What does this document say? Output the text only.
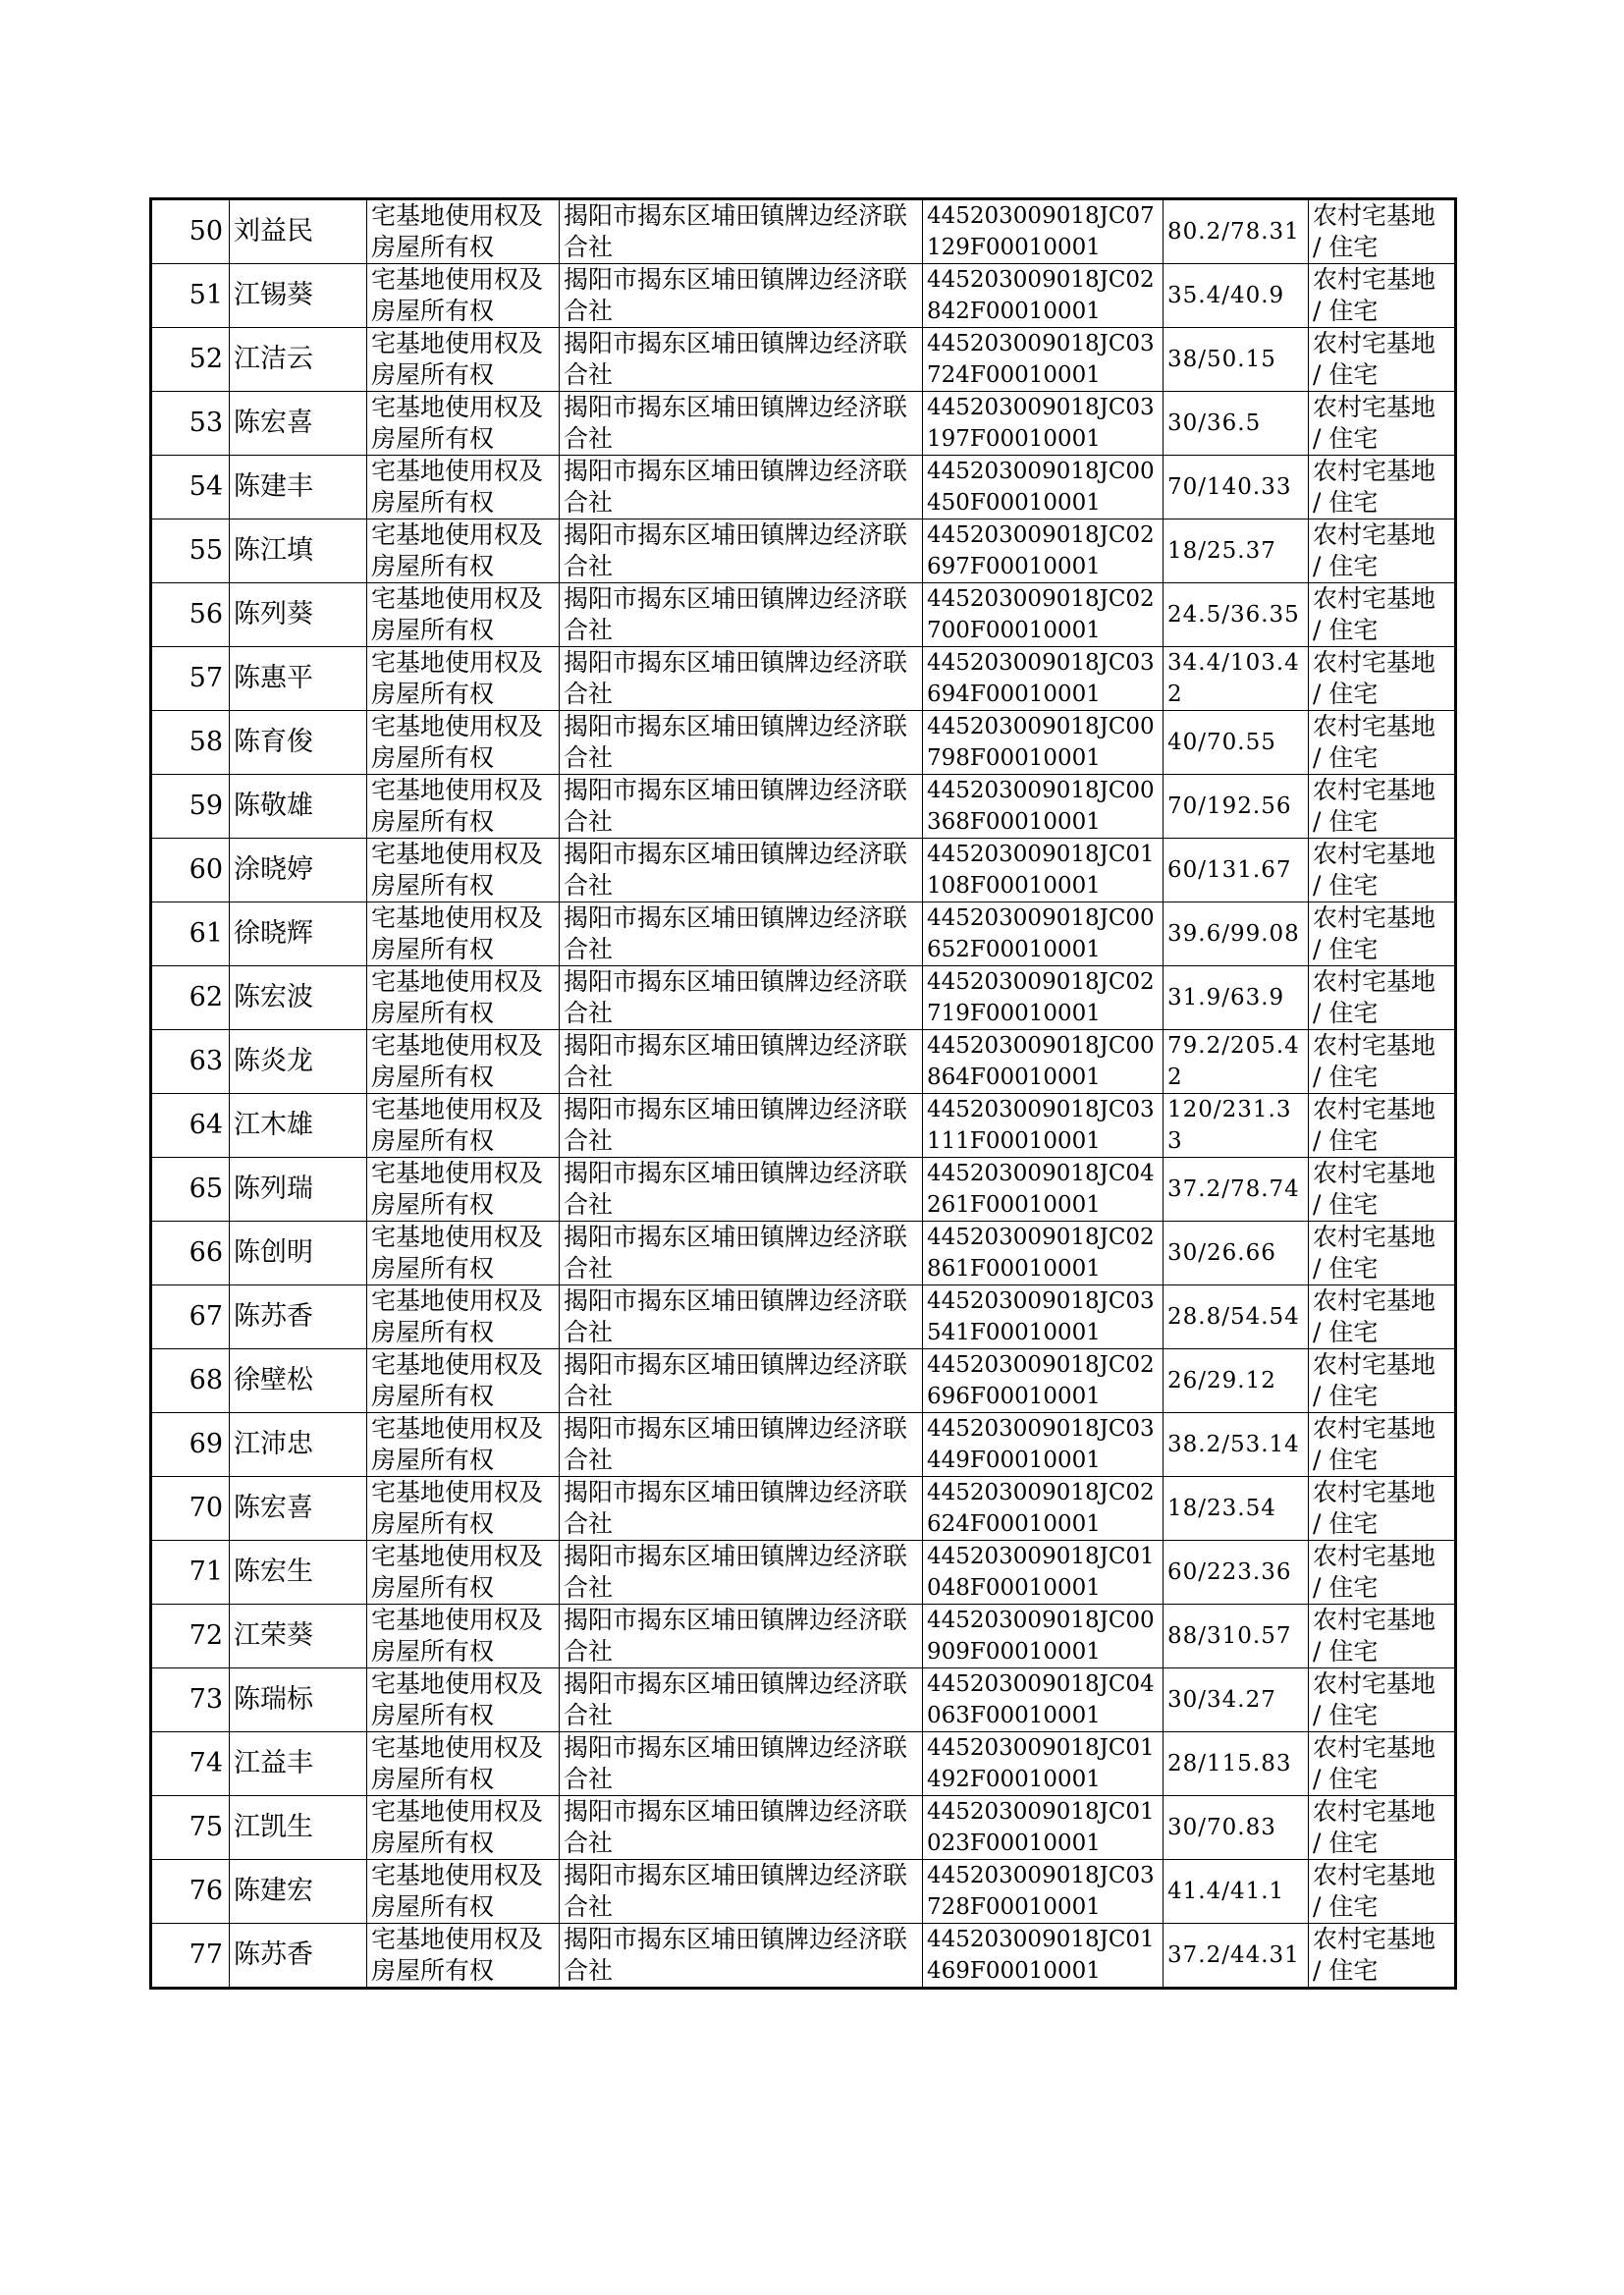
50	刘益民	宅基地使用权及房屋所有权	揭阳市揭东区埔田镇牌边经济联合社	445203009018JC07129F00010001	80.2/78.31	农村宅基地 / 住宅
51	江锡葵	宅基地使用权及房屋所有权	揭阳市揭东区埔田镇牌边经济联合社	445203009018JC02842F00010001	35.4/40.9	农村宅基地 / 住宅
52	江洁云	宅基地使用权及房屋所有权	揭阳市揭东区埔田镇牌边经济联合社	445203009018JC03724F00010001	38/50.15	农村宅基地 / 住宅
53	陈宏喜	宅基地使用权及房屋所有权	揭阳市揭东区埔田镇牌边经济联合社	445203009018JC03197F00010001	30/36.5	农村宅基地 / 住宅
54	陈建丰	宅基地使用权及房屋所有权	揭阳市揭东区埔田镇牌边经济联合社	445203009018JC00450F00010001	70/140.33	农村宅基地 / 住宅
55	陈江填	宅基地使用权及房屋所有权	揭阳市揭东区埔田镇牌边经济联合社	445203009018JC02697F00010001	18/25.37	农村宅基地 / 住宅
56	陈列葵	宅基地使用权及房屋所有权	揭阳市揭东区埔田镇牌边经济联合社	445203009018JC02700F00010001	24.5/36.35	农村宅基地 / 住宅
57	陈惠平	宅基地使用权及房屋所有权	揭阳市揭东区埔田镇牌边经济联合社	445203009018JC03694F00010001	34.4/103.42	农村宅基地 / 住宅
58	陈育俊	宅基地使用权及房屋所有权	揭阳市揭东区埔田镇牌边经济联合社	445203009018JC00798F00010001	40/70.55	农村宅基地 / 住宅
59	陈敬雄	宅基地使用权及房屋所有权	揭阳市揭东区埔田镇牌边经济联合社	445203009018JC00368F00010001	70/192.56	农村宅基地 / 住宅
60	涂晓婷	宅基地使用权及房屋所有权	揭阳市揭东区埔田镇牌边经济联合社	445203009018JC01108F00010001	60/131.67	农村宅基地 / 住宅
61	徐晓辉	宅基地使用权及房屋所有权	揭阳市揭东区埔田镇牌边经济联合社	445203009018JC00652F00010001	39.6/99.08	农村宅基地 / 住宅
62	陈宏波	宅基地使用权及房屋所有权	揭阳市揭东区埔田镇牌边经济联合社	445203009018JC02719F00010001	31.9/63.9	农村宅基地 / 住宅
63	陈炎龙	宅基地使用权及房屋所有权	揭阳市揭东区埔田镇牌边经济联合社	445203009018JC00864F00010001	79.2/205.42	农村宅基地 / 住宅
64	江木雄	宅基地使用权及房屋所有权	揭阳市揭东区埔田镇牌边经济联合社	445203009018JC03111F00010001	120/231.33	农村宅基地 / 住宅
65	陈列瑞	宅基地使用权及房屋所有权	揭阳市揭东区埔田镇牌边经济联合社	445203009018JC04261F00010001	37.2/78.74	农村宅基地 / 住宅
66	陈创明	宅基地使用权及房屋所有权	揭阳市揭东区埔田镇牌边经济联合社	445203009018JC02861F00010001	30/26.66	农村宅基地 / 住宅
67	陈苏香	宅基地使用权及房屋所有权	揭阳市揭东区埔田镇牌边经济联合社	445203009018JC03541F00010001	28.8/54.54	农村宅基地 / 住宅
68	徐壁松	宅基地使用权及房屋所有权	揭阳市揭东区埔田镇牌边经济联合社	445203009018JC02696F00010001	26/29.12	农村宅基地 / 住宅
69	江沛忠	宅基地使用权及房屋所有权	揭阳市揭东区埔田镇牌边经济联合社	445203009018JC03449F00010001	38.2/53.14	农村宅基地 / 住宅
70	陈宏喜	宅基地使用权及房屋所有权	揭阳市揭东区埔田镇牌边经济联合社	445203009018JC02624F00010001	18/23.54	农村宅基地 / 住宅
71	陈宏生	宅基地使用权及房屋所有权	揭阳市揭东区埔田镇牌边经济联合社	445203009018JC01048F00010001	60/223.36	农村宅基地 / 住宅
72	江荣葵	宅基地使用权及房屋所有权	揭阳市揭东区埔田镇牌边经济联合社	445203009018JC00909F00010001	88/310.57	农村宅基地 / 住宅
73	陈瑞标	宅基地使用权及房屋所有权	揭阳市揭东区埔田镇牌边经济联合社	445203009018JC04063F00010001	30/34.27	农村宅基地 / 住宅
74	江益丰	宅基地使用权及房屋所有权	揭阳市揭东区埔田镇牌边经济联合社	445203009018JC01492F00010001	28/115.83	农村宅基地 / 住宅
75	江凯生	宅基地使用权及房屋所有权	揭阳市揭东区埔田镇牌边经济联合社	445203009018JC01023F00010001	30/70.83	农村宅基地 / 住宅
76	陈建宏	宅基地使用权及房屋所有权	揭阳市揭东区埔田镇牌边经济联合社	445203009018JC03728F00010001	41.4/41.1	农村宅基地 / 住宅
77	陈苏香	宅基地使用权及房屋所有权	揭阳市揭东区埔田镇牌边经济联合社	445203009018JC01469F00010001	37.2/44.31	农村宅基地 / 住宅
